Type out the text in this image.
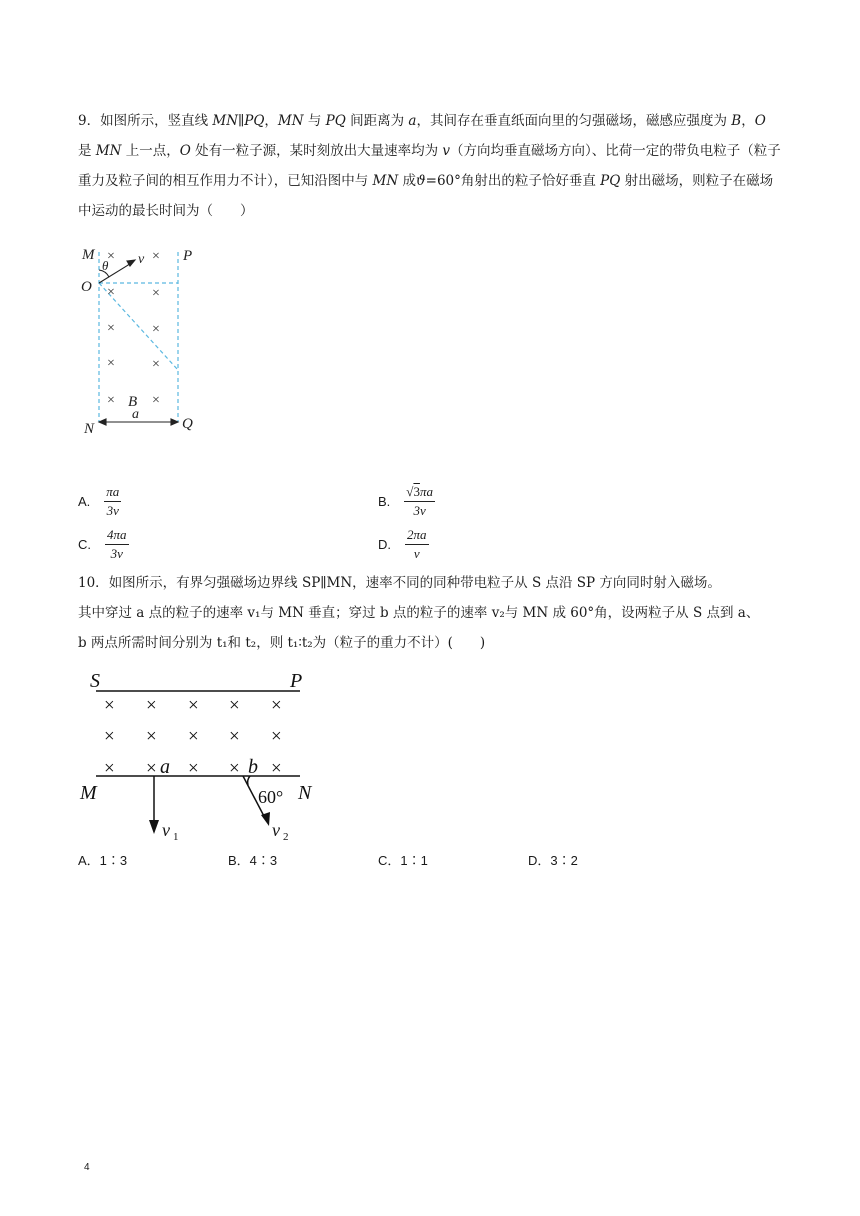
9．如图所示，竖直线 MN∥PQ，MN 与 PQ 间距离为 a，其间存在垂直纸面向里的匀强磁场，磁感应强度为 B，O 是 MN 上一点，O 处有一粒子源，某时刻放出大量速率均为 v（方向均垂直磁场方向）、比荷一定的带负电粒子（粒子重力及粒子间的相互作用力不计），已知沿图中与 MN 成ϑ=60°角射出的粒子恰好垂直 PQ 射出磁场，则粒子在磁场中运动的最长时间为（　　）
M	P
O
N	Q
v
θ
B
a
×	×
×	×
×	×
×	×
×	×
A. $\frac{\pi a}{3v}$	B. $\frac{√3\pi a}{3v}$
C. $\frac{4\pi a}{3v}$	D. $\frac{2\pi a}{v}$
10．如图所示，有界匀强磁场边界线 SP∥MN，速率不同的同种带电粒子从 S 点沿 SP 方向同时射入磁场。
其中穿过 a 点的粒子的速率 v₁与 MN 垂直；穿过 b 点的粒子的速率 v₂与 MN 成 60°角，设两粒子从 S 点到 a、
b 两点所需时间分别为 t₁和 t₂，则 t₁∶t₂为（粒子的重力不计）(　　)
S	P
M	N
a	b
60°
v 1	v 2
× × × × ×
× × × × ×
× × × × ×
A．1∶3	B．4∶3	C．1∶1	D．3∶2
4
